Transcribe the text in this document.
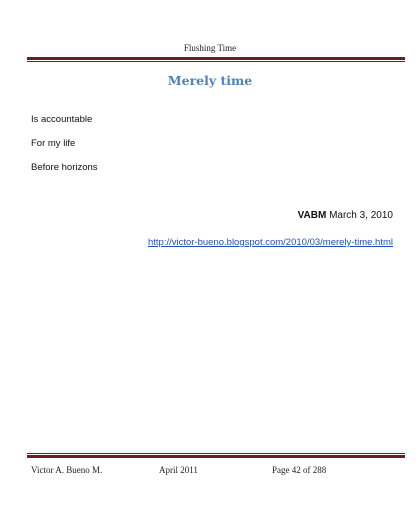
Flushing Time
Merely time
Is accountable
For my life
Before horizons
VABM March 3, 2010
http://victor-bueno.blogspot.com/2010/03/merely-time.html
Victor A. Bueno M.	April 2011	Page 42 of 288
